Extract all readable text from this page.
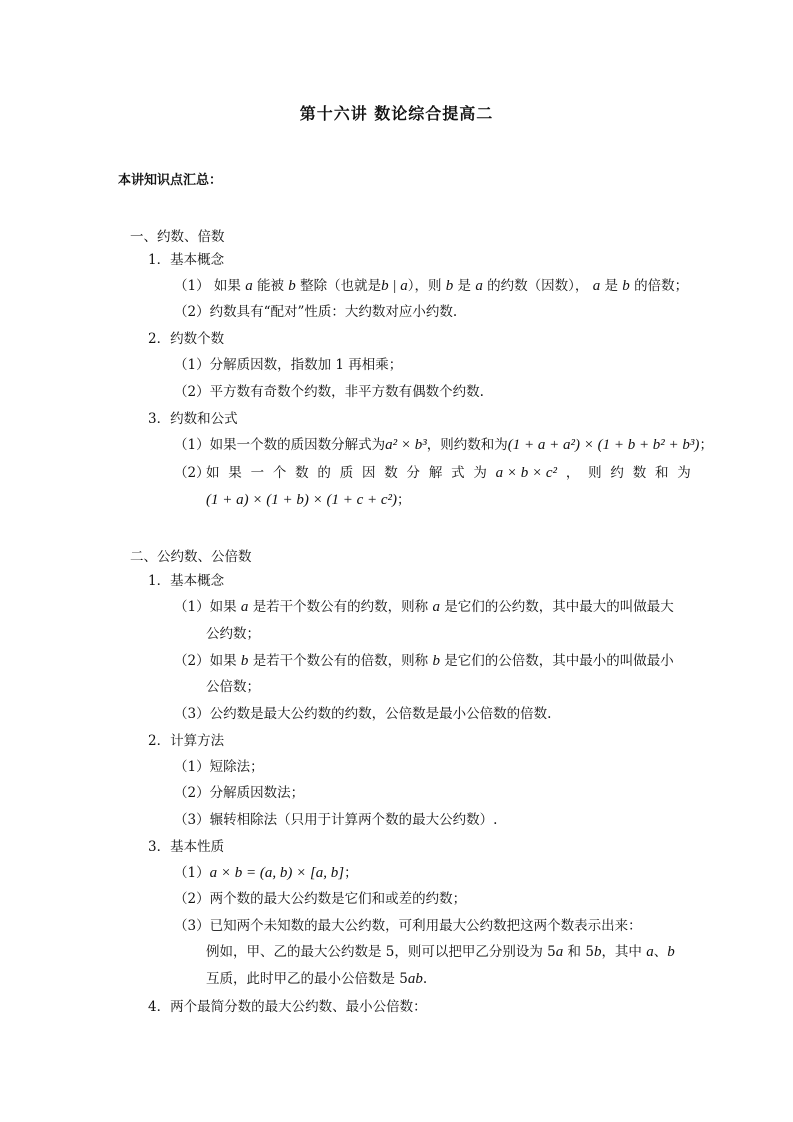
第十六讲 数论综合提高二
本讲知识点汇总：
一、约数、倍数
1．基本概念
（1） 如果 a 能被 b 整除（也就是b | a），则 b 是 a 的约数（因数）， a 是 b 的倍数；
（2）约数具有“配对”性质：大约数对应小约数.
2．约数个数
（1）分解质因数，指数加 1 再相乘；
（2）平方数有奇数个约数，非平方数有偶数个约数.
3．约数和公式
（1）如果一个数的质因数分解式为a² × b³，则约数和为(1 + a + a²) × (1 + b + b² + b³)；
（2）
如 果 一 个 数 的 质 因 数 分 解 式 为 a × b × c² ， 则 约 数 和 为
(1 + a) × (1 + b) × (1 + c + c²)；
二、公约数、公倍数
1．基本概念
（1）如果 a 是若干个数公有的约数，则称 a 是它们的公约数，其中最大的叫做最大
公约数；
（2）如果 b 是若干个数公有的倍数，则称 b 是它们的公倍数，其中最小的叫做最小
公倍数；
（3）公约数是最大公约数的约数，公倍数是最小公倍数的倍数.
2．计算方法
（1）短除法；
（2）分解质因数法；
（3）辗转相除法（只用于计算两个数的最大公约数）.
3．基本性质
（1）a × b = (a, b) × [a, b]；
（2）两个数的最大公约数是它们和或差的约数；
（3）已知两个未知数的最大公约数，可利用最大公约数把这两个数表示出来：
例如，甲、乙的最大公约数是 5，则可以把甲乙分别设为 5a 和 5b，其中 a、b
互质，此时甲乙的最小公倍数是 5ab.
4．两个最简分数的最大公约数、最小公倍数：
